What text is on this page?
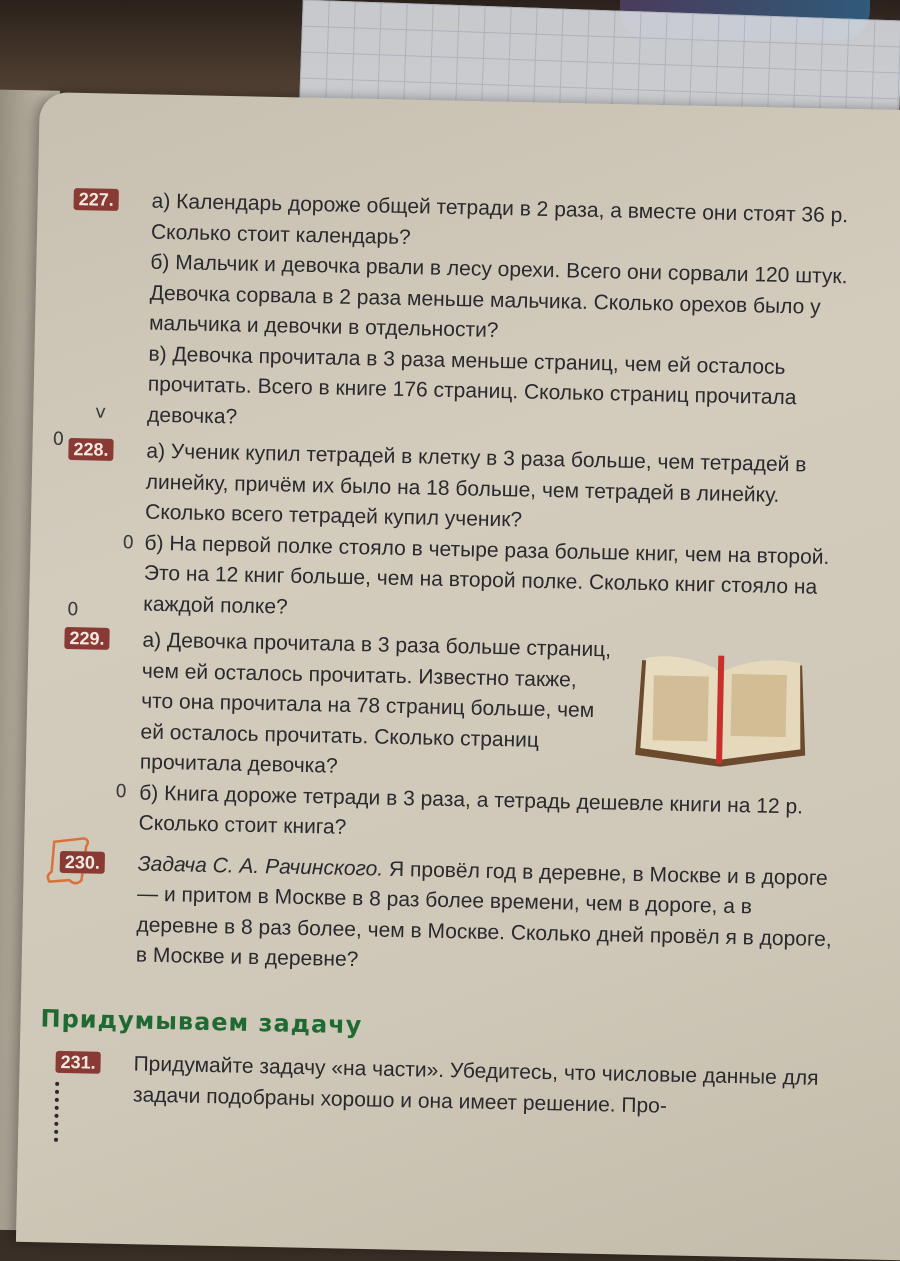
227. а) Календарь дороже общей тетради в 2 раза, а вместе они стоят 36 р. Сколько стоит календарь?

б) Мальчик и девочка рвали в лесу орехи. Всего они сорвали 120 штук. Девочка сорвала в 2 раза меньше мальчика. Сколько орехов было у мальчика и девочки в отдельности?

в) Девочка прочитала в 3 раза меньше страниц, чем ей осталось прочитать. Всего в книге 176 страниц. Сколько страниц прочитала девочка?

v
0 228. а) Ученик купил тетрадей в клетку в 3 раза больше, чем тетрадей в линейку, причём их было на 18 больше, чем тетрадей в линейку. Сколько всего тетрадей купил ученик?

б) На первой полке стояло в четыре раза больше книг, чем на второй. Это на 12 книг больше, чем на второй полке. Сколько книг стояло на каждой полке?

0
0
229. а) Девочка прочитала в 3 раза больше страниц, чем ей осталось прочитать. Известно также, что она прочитала на 78 страниц больше, чем ей осталось прочитать. Сколько страниц прочитала девочка?

б) Книга дороже тетради в 3 раза, а тетрадь дешевле книги на 12 р. Сколько стоит книга?

0
230. Задача С. А. Рачинского. Я провёл год в деревне, в Москве и в дороге — и притом в Москве в 8 раз более времени, чем в дороге, а в деревне в 8 раз более, чем в Москве. Сколько дней провёл я в дороге, в Москве и в деревне?

Придумываем задачу
231. Придумайте задачу «на части». Убедитесь, что числовые данные для задачи подобраны хорошо и она имеет решение. Про-
